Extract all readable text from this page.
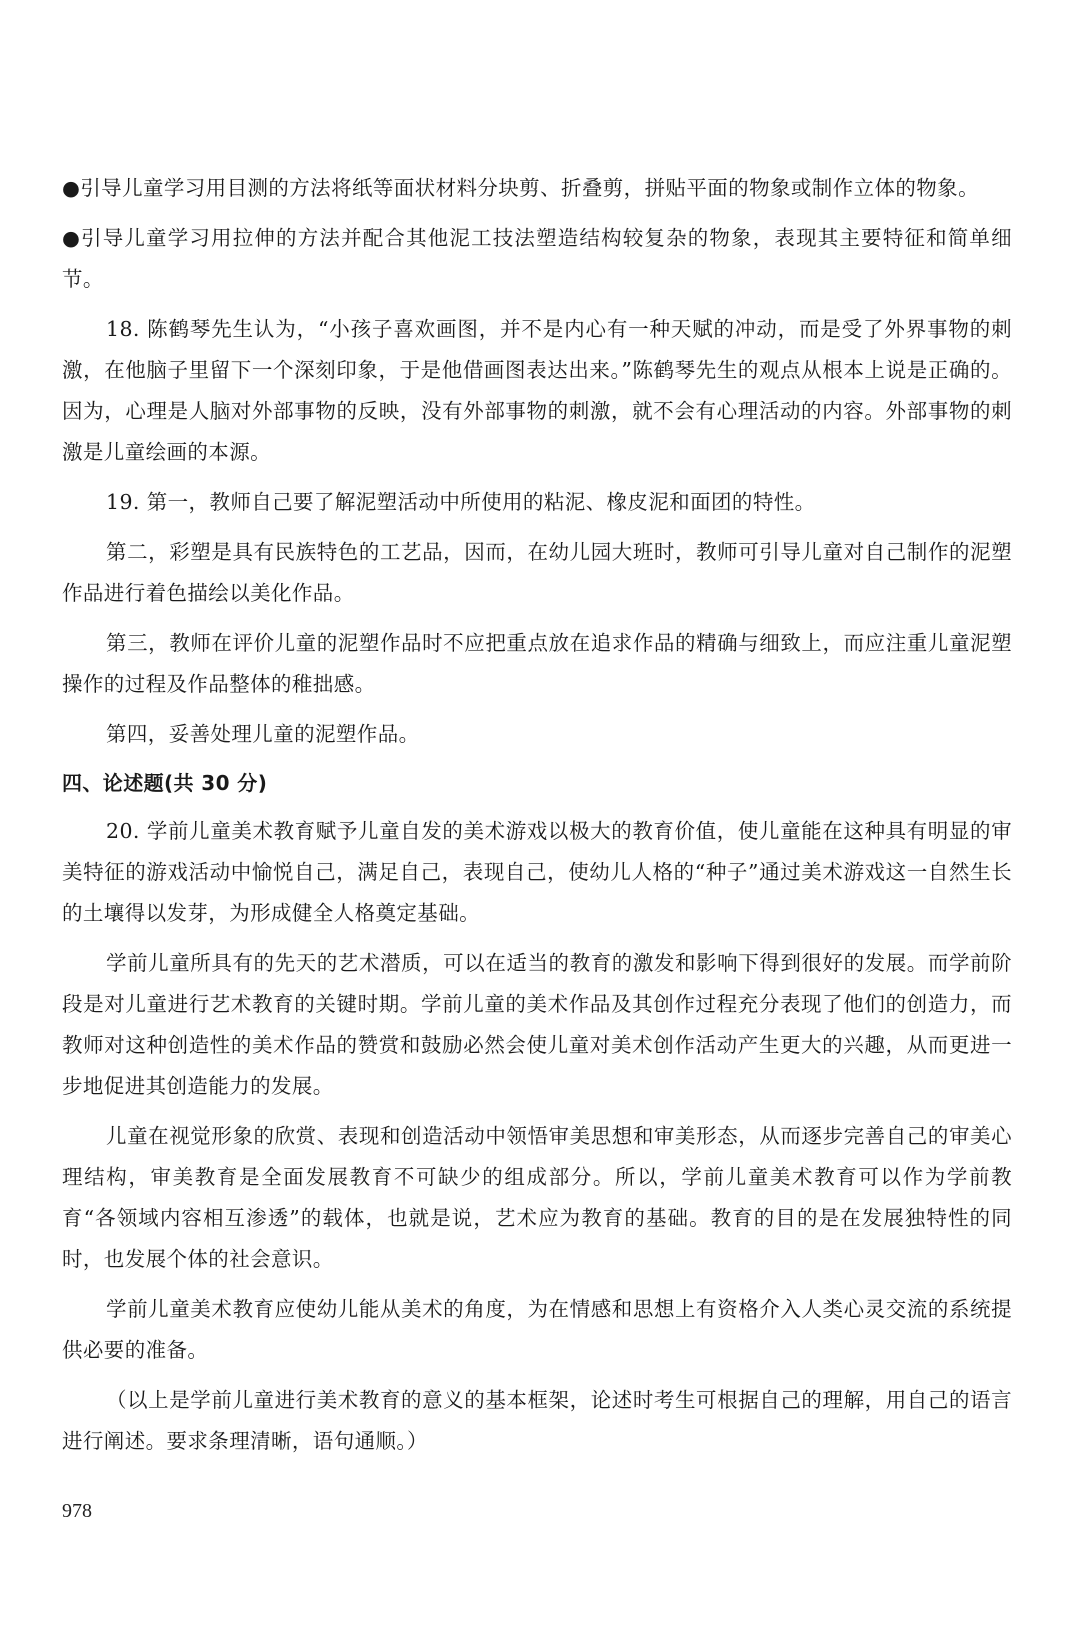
●引导儿童学习用目测的方法将纸等面状材料分块剪、折叠剪，拼贴平面的物象或制作立体的物象。

●引导儿童学习用拉伸的方法并配合其他泥工技法塑造结构较复杂的物象，表现其主要特征和简单细节。

18. 陈鹤琴先生认为，“小孩子喜欢画图，并不是内心有一种天赋的冲动，而是受了外界事物的刺激，在他脑子里留下一个深刻印象，于是他借画图表达出来。”陈鹤琴先生的观点从根本上说是正确的。因为，心理是人脑对外部事物的反映，没有外部事物的刺激，就不会有心理活动的内容。外部事物的刺激是儿童绘画的本源。

19. 第一，教师自己要了解泥塑活动中所使用的粘泥、橡皮泥和面团的特性。

第二，彩塑是具有民族特色的工艺品，因而，在幼儿园大班时，教师可引导儿童对自己制作的泥塑作品进行着色描绘以美化作品。

第三，教师在评价儿童的泥塑作品时不应把重点放在追求作品的精确与细致上，而应注重儿童泥塑操作的过程及作品整体的稚拙感。

第四，妥善处理儿童的泥塑作品。

四、论述题(共 30 分)

20. 学前儿童美术教育赋予儿童自发的美术游戏以极大的教育价值，使儿童能在这种具有明显的审美特征的游戏活动中愉悦自己，满足自己，表现自己，使幼儿人格的“种子”通过美术游戏这一自然生长的土壤得以发芽，为形成健全人格奠定基础。

学前儿童所具有的先天的艺术潜质，可以在适当的教育的激发和影响下得到很好的发展。而学前阶段是对儿童进行艺术教育的关键时期。学前儿童的美术作品及其创作过程充分表现了他们的创造力，而教师对这种创造性的美术作品的赞赏和鼓励必然会使儿童对美术创作活动产生更大的兴趣，从而更进一步地促进其创造能力的发展。

儿童在视觉形象的欣赏、表现和创造活动中领悟审美思想和审美形态，从而逐步完善自己的审美心理结构，审美教育是全面发展教育不可缺少的组成部分。所以，学前儿童美术教育可以作为学前教育“各领域内容相互渗透”的载体，也就是说，艺术应为教育的基础。教育的目的是在发展独特性的同时，也发展个体的社会意识。

学前儿童美术教育应使幼儿能从美术的角度，为在情感和思想上有资格介入人类心灵交流的系统提供必要的准备。

（以上是学前儿童进行美术教育的意义的基本框架，论述时考生可根据自己的理解，用自己的语言进行阐述。要求条理清晰，语句通顺。）

978
